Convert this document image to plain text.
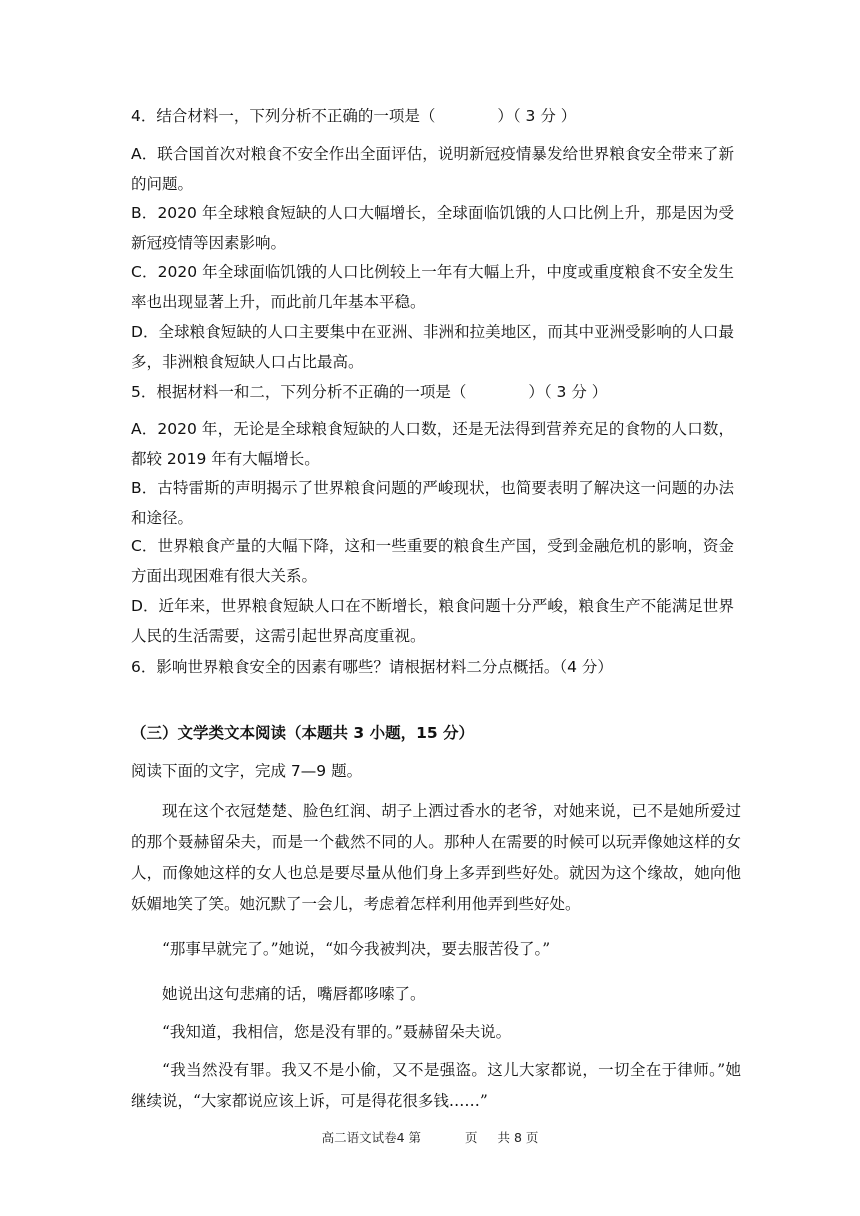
4．结合材料一，下列分析不正确的一项是（　　　　）（ 3 分 ）
A．联合国首次对粮食不安全作出全面评估，说明新冠疫情暴发给世界粮食安全带来了新的问题。
B．2020 年全球粮食短缺的人口大幅增长，全球面临饥饿的人口比例上升，那是因为受新冠疫情等因素影响。
C．2020 年全球面临饥饿的人口比例较上一年有大幅上升，中度或重度粮食不安全发生率也出现显著上升，而此前几年基本平稳。
D．全球粮食短缺的人口主要集中在亚洲、非洲和拉美地区，而其中亚洲受影响的人口最多，非洲粮食短缺人口占比最高。
5．根据材料一和二，下列分析不正确的一项是（　　　　）（ 3 分 ）
A．2020 年，无论是全球粮食短缺的人口数，还是无法得到营养充足的食物的人口数，都较 2019 年有大幅增长。
B．古特雷斯的声明揭示了世界粮食问题的严峻现状，也简要表明了解决这一问题的办法和途径。
C．世界粮食产量的大幅下降，这和一些重要的粮食生产国，受到金融危机的影响，资金方面出现困难有很大关系。
D．近年来，世界粮食短缺人口在不断增长，粮食问题十分严峻，粮食生产不能满足世界人民的生活需要，这需引起世界高度重视。
6．影响世界粮食安全的因素有哪些？请根据材料二分点概括。（4 分）
（三）文学类文本阅读（本题共 3 小题，15 分）
阅读下面的文字，完成 7—9 题。
现在这个衣冠楚楚、脸色红润、胡子上洒过香水的老爷，对她来说，已不是她所爱过的那个聂赫留朵夫，而是一个截然不同的人。那种人在需要的时候可以玩弄像她这样的女人，而像她这样的女人也总是要尽量从他们身上多弄到些好处。就因为这个缘故，她向他妖媚地笑了笑。她沉默了一会儿，考虑着怎样利用他弄到些好处。
“那事早就完了。”她说，“如今我被判决，要去服苦役了。”
她说出这句悲痛的话，嘴唇都哆嗦了。
“我知道，我相信，您是没有罪的。”聂赫留朵夫说。
“我当然没有罪。我又不是小偷，又不是强盗。这儿大家都说，一切全在于律师。”她继续说，“大家都说应该上诉，可是得花很多钱……”
高二语文试卷4 第	页 共 8 页
